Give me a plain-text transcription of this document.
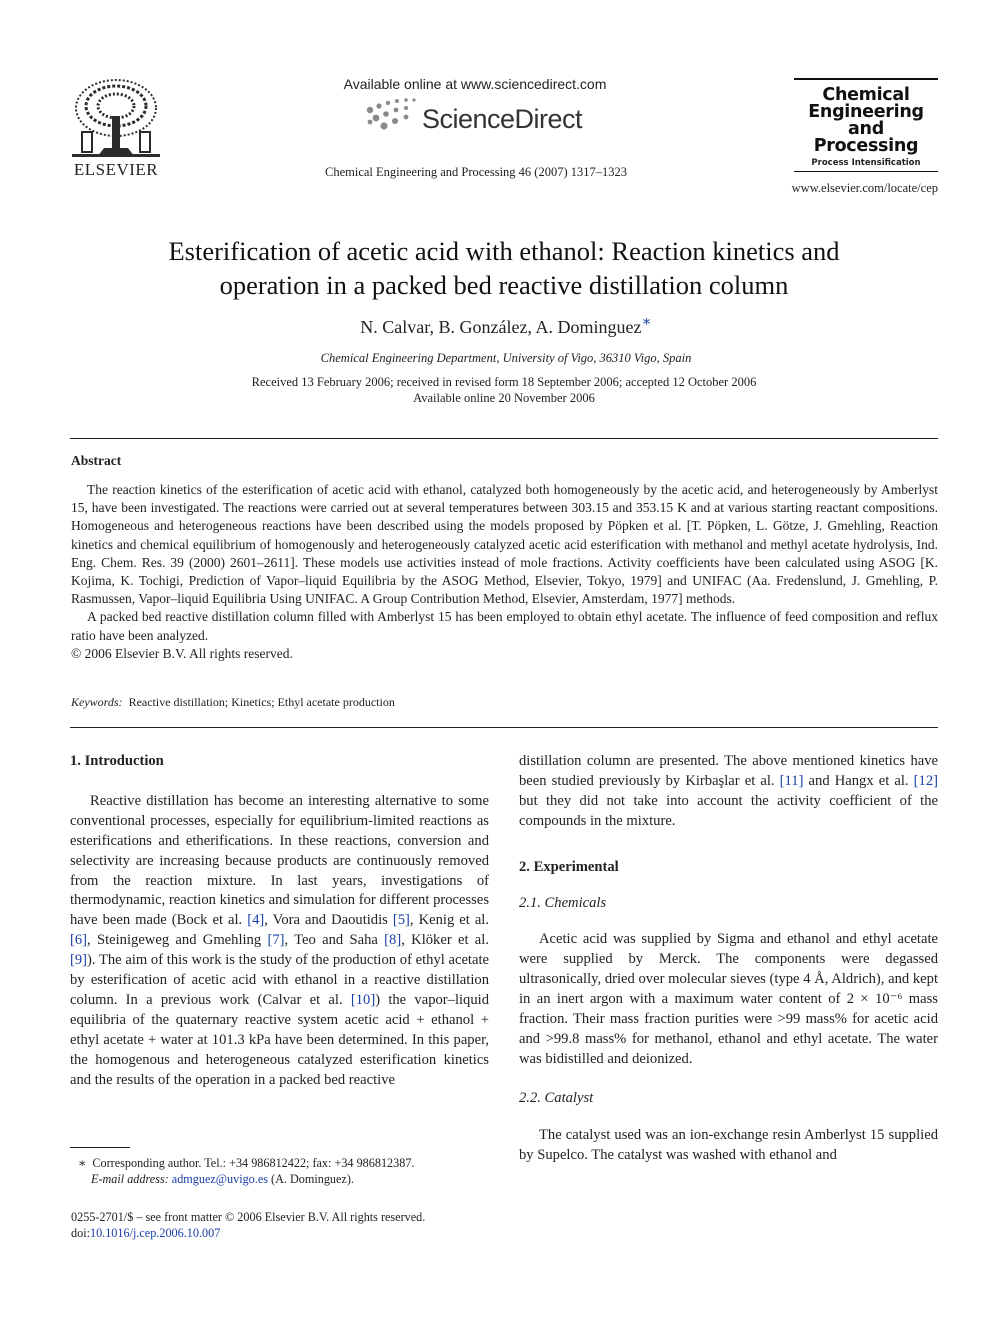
ELSEVIER
Available online at www.sciencedirect.com
ScienceDirect
Chemical Engineering and Processing 46 (2007) 1317–1323
Chemical
Engineering
and
Processing
Process Intensification
www.elsevier.com/locate/cep
Esterification of acetic acid with ethanol: Reaction kinetics and
operation in a packed bed reactive distillation column
N. Calvar, B. González, A. Dominguez∗
Chemical Engineering Department, University of Vigo, 36310 Vigo, Spain
Received 13 February 2006; received in revised form 18 September 2006; accepted 12 October 2006
Available online 20 November 2006
Abstract

The reaction kinetics of the esterification of acetic acid with ethanol, catalyzed both homogeneously by the acetic acid, and heterogeneously by Amberlyst 15, have been investigated. The reactions were carried out at several temperatures between 303.15 and 353.15 K and at various starting reactant compositions. Homogeneous and heterogeneous reactions have been described using the models proposed by Pöpken et al. [T. Pöpken, L. Götze, J. Gmehling, Reaction kinetics and chemical equilibrium of homogenously and heterogeneously catalyzed acetic acid esterification with methanol and methyl acetate hydrolysis, Ind. Eng. Chem. Res. 39 (2000) 2601–2611]. These models use activities instead of mole fractions. Activity coefficients have been calculated using ASOG [K. Kojima, K. Tochigi, Prediction of Vapor–liquid Equilibria by the ASOG Method, Elsevier, Tokyo, 1979] and UNIFAC (Aa. Fredenslund, J. Gmehling, P. Rasmussen, Vapor–liquid Equilibria Using UNIFAC. A Group Contribution Method, Elsevier, Amsterdam, 1977] methods.

A packed bed reactive distillation column filled with Amberlyst 15 has been employed to obtain ethyl acetate. The influence of feed composition and reflux ratio have been analyzed.

© 2006 Elsevier B.V. All rights reserved.

Keywords: Reactive distillation; Kinetics; Ethyl acetate production
1. Introduction

Reactive distillation has become an interesting alternative to some conventional processes, especially for equilibrium-limited reactions as esterifications and etherifications. In these reactions, conversion and selectivity are increasing because products are continuously removed from the reaction mixture. In last years, investigations of thermodynamic, reaction kinetics and simulation for different processes have been made (Bock et al. [4], Vora and Daoutidis [5], Kenig et al. [6], Steinigeweg and Gmehling [7], Teo and Saha [8], Klöker et al. [9]). The aim of this work is the study of the production of ethyl acetate by esterification of acetic acid with ethanol in a reactive distillation column. In a previous work (Calvar et al. [10]) the vapor–liquid equilibria of the quaternary reactive system acetic acid + ethanol + ethyl acetate + water at 101.3 kPa have been determined. In this paper, the homogenous and heterogeneous catalyzed esterification kinetics and the results of the operation in a packed bed reactive

distillation column are presented. The above mentioned kinetics have been studied previously by Kirbaşlar et al. [11] and Hangx et al. [12] but they did not take into account the activity coefficient of the compounds in the mixture.

2. Experimental
2.1. Chemicals

Acetic acid was supplied by Sigma and ethanol and ethyl acetate were supplied by Merck. The components were degassed ultrasonically, dried over molecular sieves (type 4 Å, Aldrich), and kept in an inert argon with a maximum water content of 2 × 10⁻⁶ mass fraction. Their mass fraction purities were >99 mass% for acetic acid and >99.8 mass% for methanol, ethanol and ethyl acetate. The water was bidistilled and deionized.

2.2. Catalyst

The catalyst used was an ion-exchange resin Amberlyst 15 supplied by Supelco. The catalyst was washed with ethanol and

∗ Corresponding author. Tel.: +34 986812422; fax: +34 986812387.
E-mail address: admguez@uvigo.es (A. Dominguez).
0255-2701/$ – see front matter © 2006 Elsevier B.V. All rights reserved.
doi:10.1016/j.cep.2006.10.007
